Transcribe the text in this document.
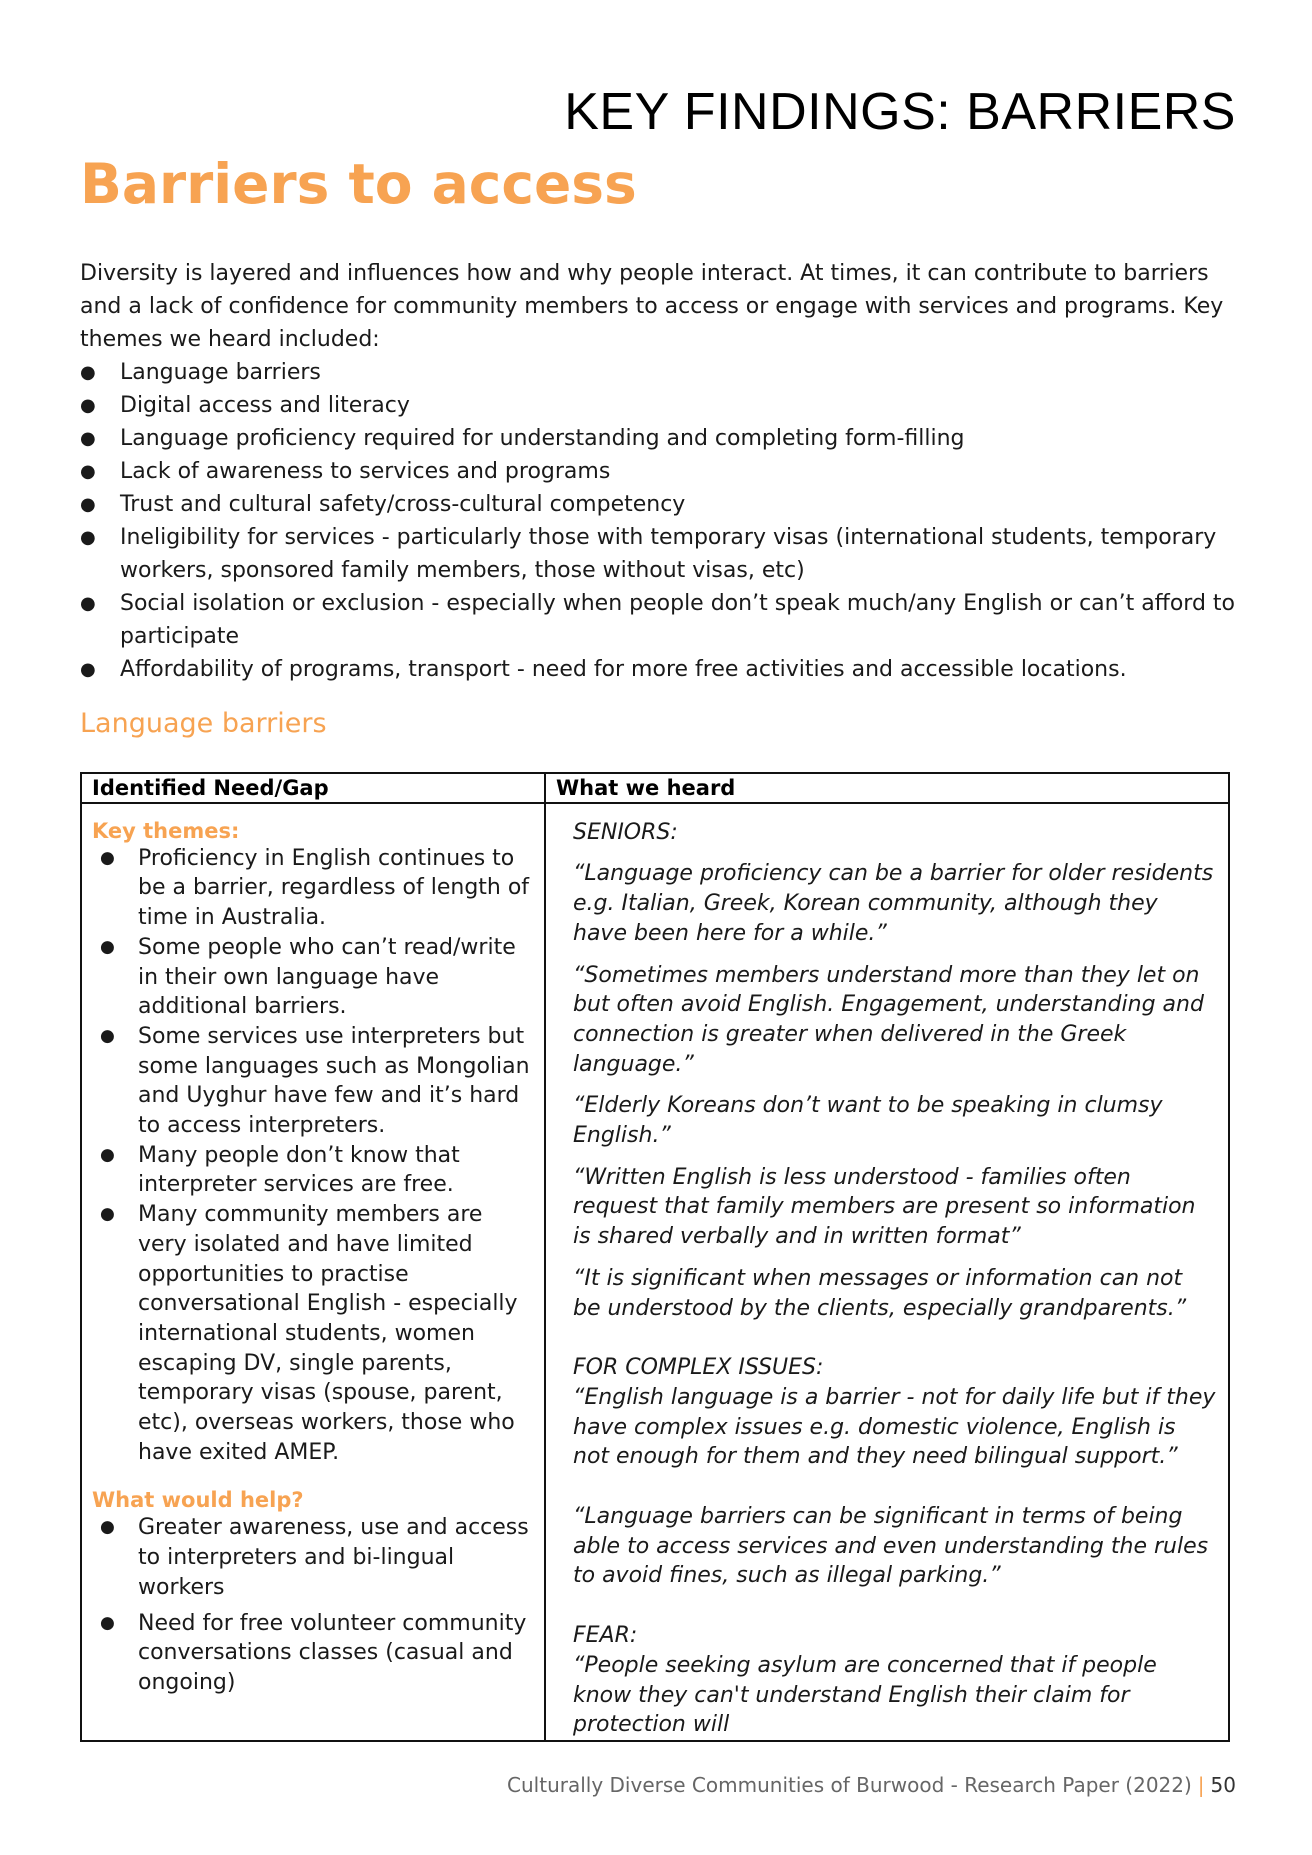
KEY FINDINGS: BARRIERS
Barriers to access

Diversity is layered and influences how and why people interact. At times, it can contribute to barriers and a lack of confidence for community members to access or engage with services and programs. Key themes we heard included:

● Language barriers
● Digital access and literacy
● Language proficiency required for understanding and completing form-filling
● Lack of awareness to services and programs
● Trust and cultural safety/cross-cultural competency
● Ineligibility for services - particularly those with temporary visas (international students, temporary workers, sponsored family members, those without visas, etc)
● Social isolation or exclusion - especially when people don’t speak much/any English or can’t afford to participate
● Affordability of programs, transport - need for more free activities and accessible locations.
Language barriers
Identified Need/Gap	What we heard
Key themes:
● Proficiency in English continues to be a barrier, regardless of length of time in Australia.
● Some people who can’t read/write in their own language have additional barriers.
● Some services use interpreters but some languages such as Mongolian and Uyghur have few and it’s hard to access interpreters.
● Many people don’t know that interpreter services are free.
● Many community members are very isolated and have limited opportunities to practise conversational English - especially international students, women escaping DV, single parents, temporary visas (spouse, parent, etc), overseas workers, those who have exited AMEP.
What would help?
● Greater awareness, use and access to interpreters and bi-lingual workers
● Need for free volunteer community conversations classes (casual and ongoing)

SENIORS:

“Language proficiency can be a barrier for older residents e.g. Italian, Greek, Korean community, although they have been here for a while.”

“Sometimes members understand more than they let on but often avoid English. Engagement, understanding and connection is greater when delivered in the Greek language.”

“Elderly Koreans don’t want to be speaking in clumsy English.”

“Written English is less understood - families often request that family members are present so information is shared verbally and in written format”

“It is significant when messages or information can not be understood by the clients, especially grandparents.”

FOR COMPLEX ISSUES:

“English language is a barrier - not for daily life but if they have complex issues e.g. domestic violence, English is not enough for them and they need bilingual support.”

“Language barriers can be significant in terms of being able to access services and even understanding the rules to avoid fines, such as illegal parking.”

FEAR:

“People seeking asylum are concerned that if people know they can't understand English their claim for protection will

Culturally Diverse Communities of Burwood - Research Paper (2022) | 50
